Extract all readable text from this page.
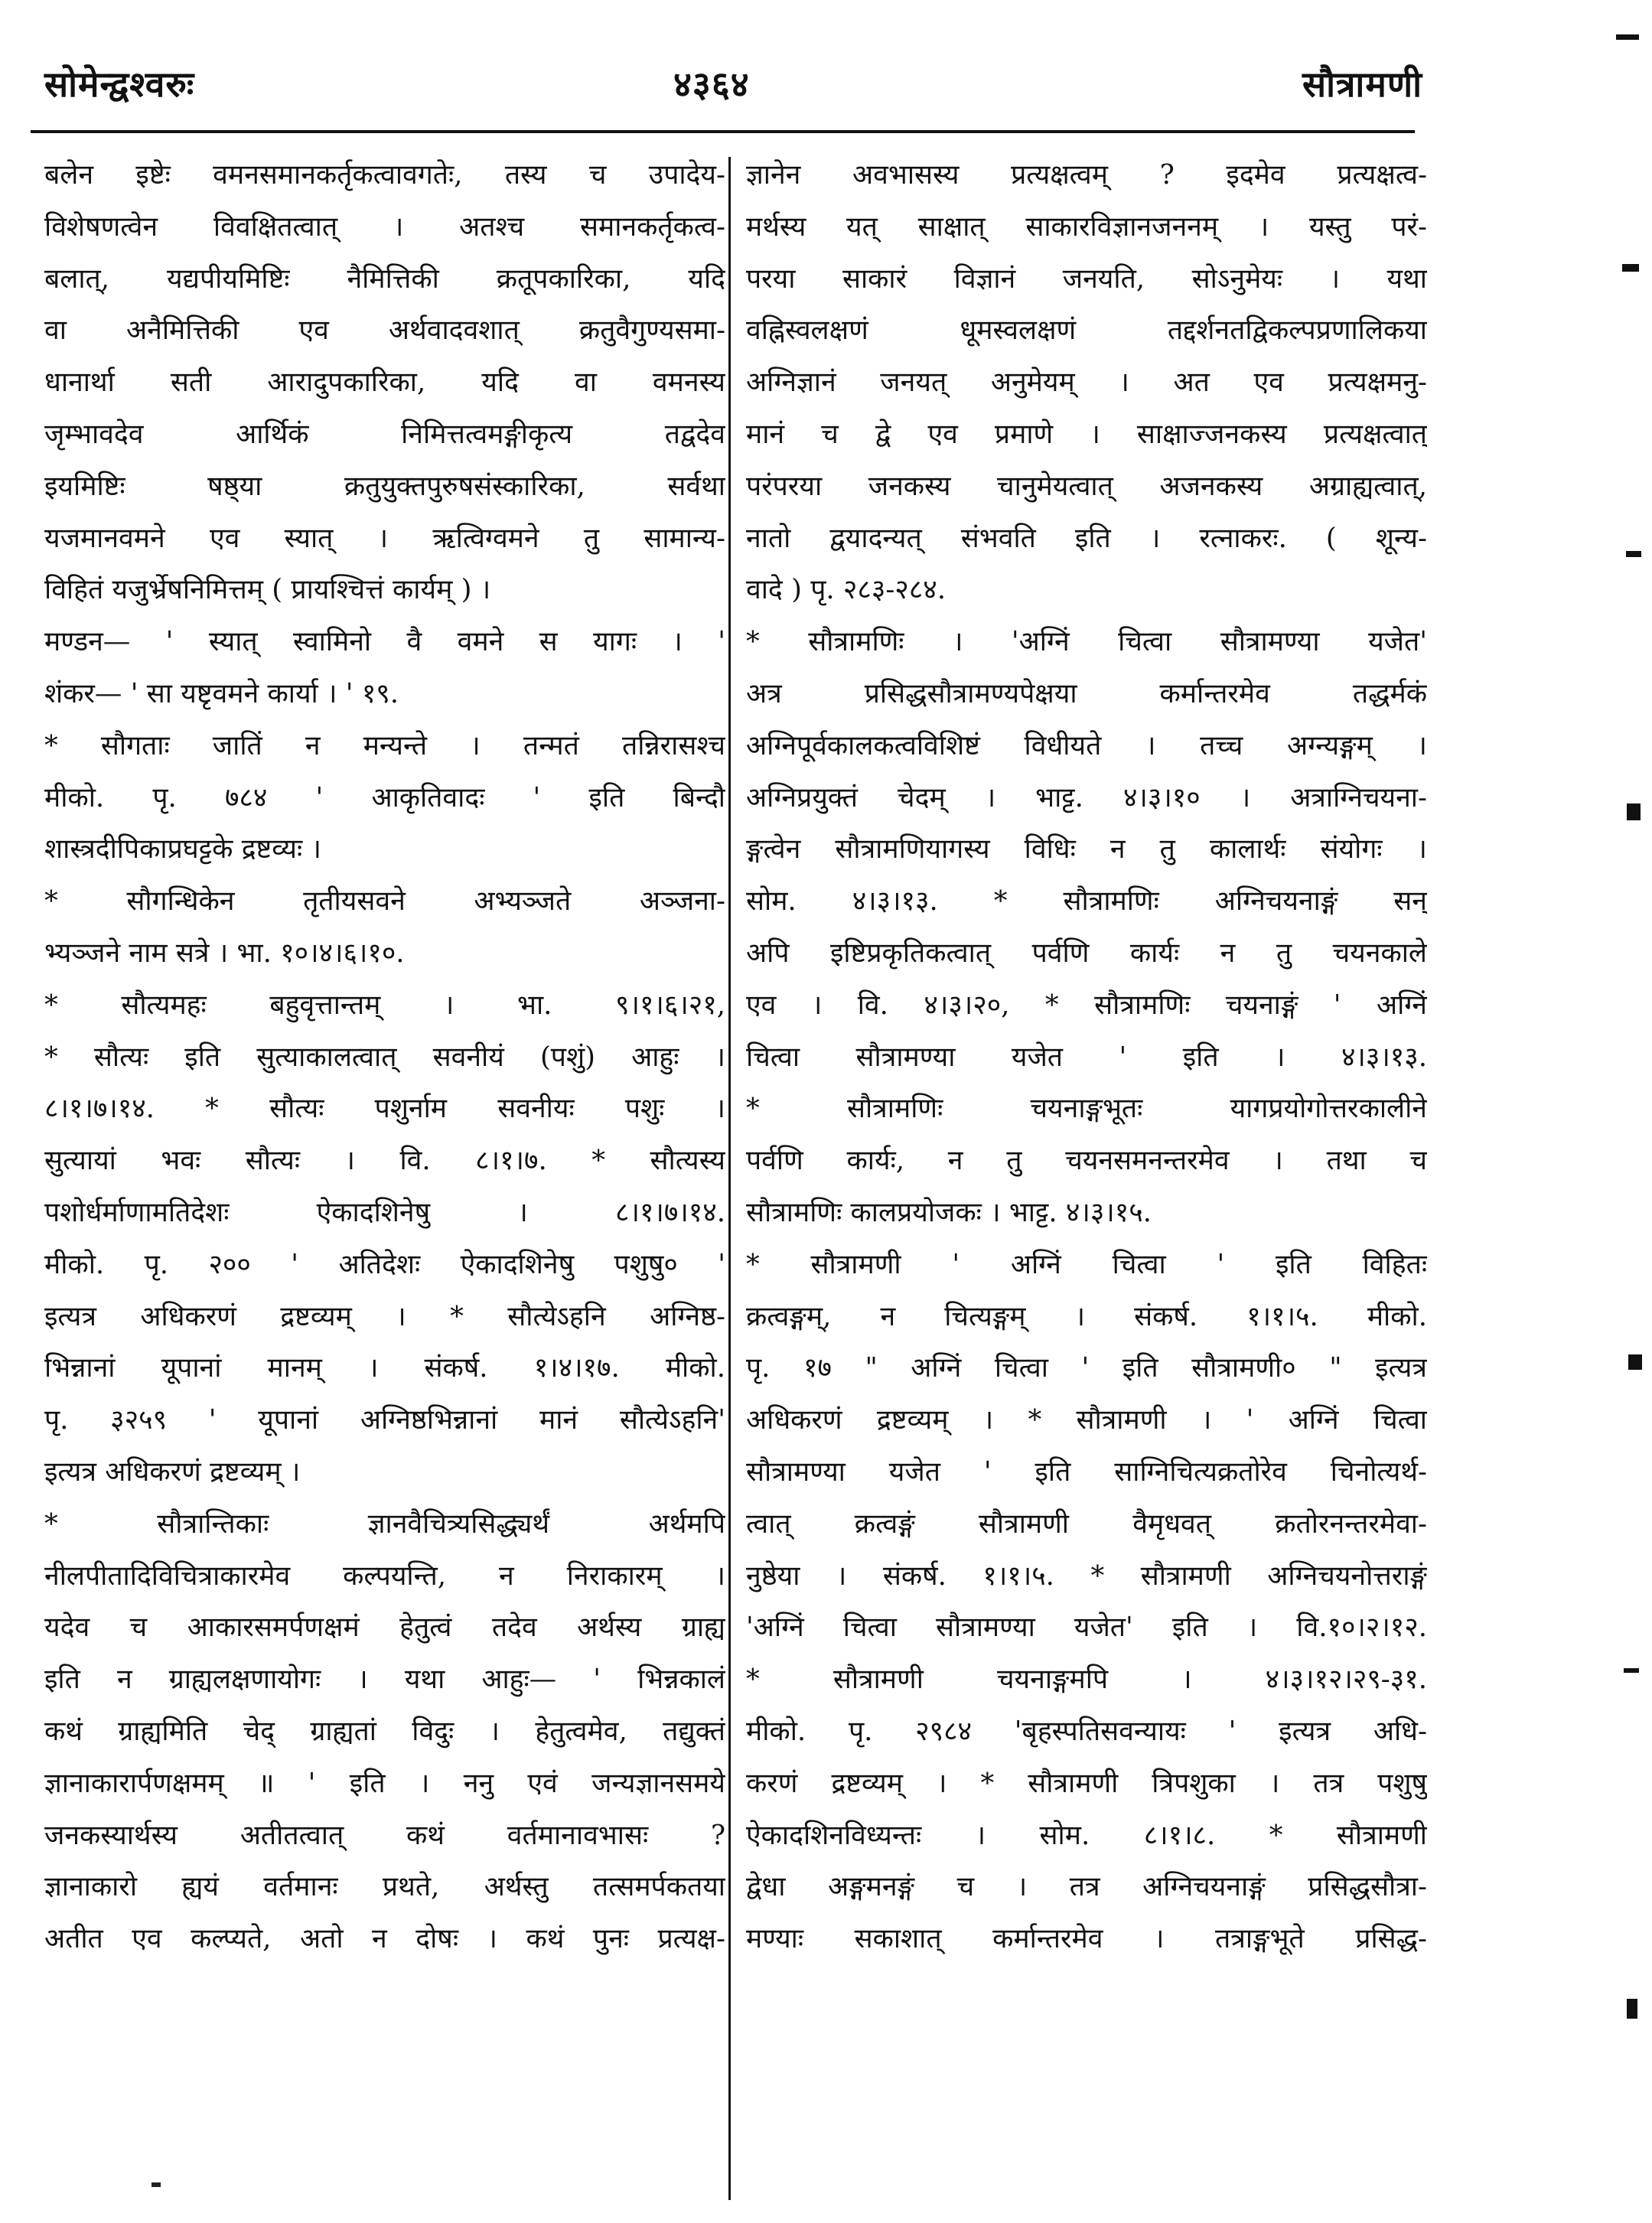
सोमेन्द्वश्वरुः	४३६४	सौत्रामणी
बलेन इष्टेः वमनसमानकर्तृकत्वावगतेः, तस्य च उपादेय-
विशेषणत्वेन विवक्षितत्वात् । अतश्च समानकर्तृकत्व-
बलात्, यद्यपीयमिष्टिः नैमित्तिकी क्रतूपकारिका, यदि
वा अनैमित्तिकी एव अर्थवादवशात् क्रतुवैगुण्यसमा-
धानार्था सती आरादुपकारिका, यदि वा वमनस्य
जृम्भावदेव आर्थिकं निमित्तत्वमङ्गीकृत्य तद्वदेव
इयमिष्टिः षष्ठ्या क्रतुयुक्तपुरुषसंस्कारिका, सर्वथा
यजमानवमने एव स्यात् । ऋत्विग्वमने तु सामान्य-
विहितं यजुर्भ्रेषनिमित्तम् ( प्रायश्चित्तं कार्यम् ) ।
मण्डन— ' स्यात् स्वामिनो वै वमने स यागः । '
शंकर— ' सा यष्टृवमने कार्या । ' १९.
* सौगताः जातिं न मन्यन्ते । तन्मतं तन्निरासश्च
मीको. पृ. ७८४ ' आकृतिवादः ' इति बिन्दौ
शास्त्रदीपिकाप्रघट्टके द्रष्टव्यः ।
* सौगन्धिकेन तृतीयसवने अभ्यञ्जते अञ्जना-
भ्यञ्जने नाम सत्रे । भा. १०।४।६।१०.
* सौत्यमहः बहुवृत्तान्तम् । भा. ९।१।६।२१,
* सौत्यः इति सुत्याकालत्वात् सवनीयं (पशुं) आहुः ।
८।१।७।१४. * सौत्यः पशुर्नाम सवनीयः पशुः ।
सुत्यायां भवः सौत्यः । वि. ८।१।७. * सौत्यस्य
पशोर्धर्माणामतिदेशः ऐकादशिनेषु । ८।१।७।१४.
मीको. पृ. २०० ' अतिदेशः ऐकादशिनेषु पशुषु० '
इत्यत्र अधिकरणं द्रष्टव्यम् । * सौत्येऽहनि अग्निष्ठ-
भिन्नानां यूपानां मानम् । संकर्ष. १।४।१७. मीको.
पृ. ३२५९ ' यूपानां अग्निष्ठभिन्नानां मानं सौत्येऽहनि'
इत्यत्र अधिकरणं द्रष्टव्यम् ।
* सौत्रान्तिकाः ज्ञानवैचित्र्यसिद्ध्यर्थं अर्थमपि
नीलपीतादिविचित्राकारमेव कल्पयन्ति, न निराकारम् ।
यदेव च आकारसमर्पणक्षमं हेतुत्वं तदेव अर्थस्य ग्राह्य
इति न ग्राह्यलक्षणायोगः । यथा आहुः— ' भिन्नकालं
कथं ग्राह्यमिति चेद् ग्राह्यतां विदुः । हेतुत्वमेव, तद्युक्तं
ज्ञानाकारार्पणक्षमम् ॥ ' इति । ननु एवं जन्यज्ञानसमये
जनकस्यार्थस्य अतीतत्वात् कथं वर्तमानावभासः ?
ज्ञानाकारो ह्ययं वर्तमानः प्रथते, अर्थस्तु तत्समर्पकतया
अतीत एव कल्प्यते, अतो न दोषः । कथं पुनः प्रत्यक्ष-
ज्ञानेन अवभासस्य प्रत्यक्षत्वम् ? इदमेव प्रत्यक्षत्व-
मर्थस्य यत् साक्षात् साकारविज्ञानजननम् । यस्तु परं-
परया साकारं विज्ञानं जनयति, सोऽनुमेयः । यथा
वह्निस्वलक्षणं धूमस्वलक्षणं तद्दर्शनतद्विकल्पप्रणालिकया
अग्निज्ञानं जनयत् अनुमेयम् । अत एव प्रत्यक्षमनु-
मानं च द्वे एव प्रमाणे । साक्षाज्जनकस्य प्रत्यक्षत्वात्
परंपरया जनकस्य चानुमेयत्वात् अजनकस्य अग्राह्यत्वात्,
नातो द्वयादन्यत् संभवति इति । रत्नाकरः. ( शून्य-
वादे ) पृ. २८३-२८४.
* सौत्रामणिः । 'अग्निं चित्वा सौत्रामण्या यजेत'
अत्र प्रसिद्धसौत्रामण्यपेक्षया कर्मान्तरमेव तद्धर्मकं
अग्निपूर्वकालकत्वविशिष्टं विधीयते । तच्च अग्न्यङ्गम् ।
अग्निप्रयुक्तं चेदम् । भाट्ट. ४।३।१० । अत्राग्निचयना-
ङ्गत्वेन सौत्रामणियागस्य विधिः न तु कालार्थः संयोगः ।
सोम. ४।३।१३. * सौत्रामणिः अग्निचयनाङ्गं सन्
अपि इष्टिप्रकृतिकत्वात् पर्वणि कार्यः न तु चयनकाले
एव । वि. ४।३।२०, * सौत्रामणिः चयनाङ्गं ' अग्निं
चित्वा सौत्रामण्या यजेत ' इति । ४।३।१३.
* सौत्रामणिः चयनाङ्गभूतः यागप्रयोगोत्तरकालीने
पर्वणि कार्यः, न तु चयनसमनन्तरमेव । तथा च
सौत्रामणिः कालप्रयोजकः । भाट्ट. ४।३।१५.
* सौत्रामणी ' अग्निं चित्वा ' इति विहितः
क्रत्वङ्गम्, न चित्यङ्गम् । संकर्ष. १।१।५. मीको.
पृ. १७ " अग्निं चित्वा ' इति सौत्रामणी० " इत्यत्र
अधिकरणं द्रष्टव्यम् । * सौत्रामणी । ' अग्निं चित्वा
सौत्रामण्या यजेत ' इति साग्निचित्यक्रतोरेव चिनोत्यर्थ-
त्वात् क्रत्वङ्गं सौत्रामणी वैमृधवत् क्रतोरनन्तरमेवा-
नुष्ठेया । संकर्ष. १।१।५. * सौत्रामणी अग्निचयनोत्तराङ्गं
'अग्निं चित्वा सौत्रामण्या यजेत' इति । वि.१०।२।१२.
* सौत्रामणी चयनाङ्गमपि । ४।३।१२।२९-३१.
मीको. पृ. २९८४ 'बृहस्पतिसवन्यायः ' इत्यत्र अधि-
करणं द्रष्टव्यम् । * सौत्रामणी त्रिपशुका । तत्र पशुषु
ऐकादशिनविध्यन्तः । सोम. ८।१।८. * सौत्रामणी
द्वेधा अङ्गमनङ्गं च । तत्र अग्निचयनाङ्गं प्रसिद्धसौत्रा-
मण्याः सकाशात् कर्मान्तरमेव । तत्राङ्गभूते प्रसिद्ध-
